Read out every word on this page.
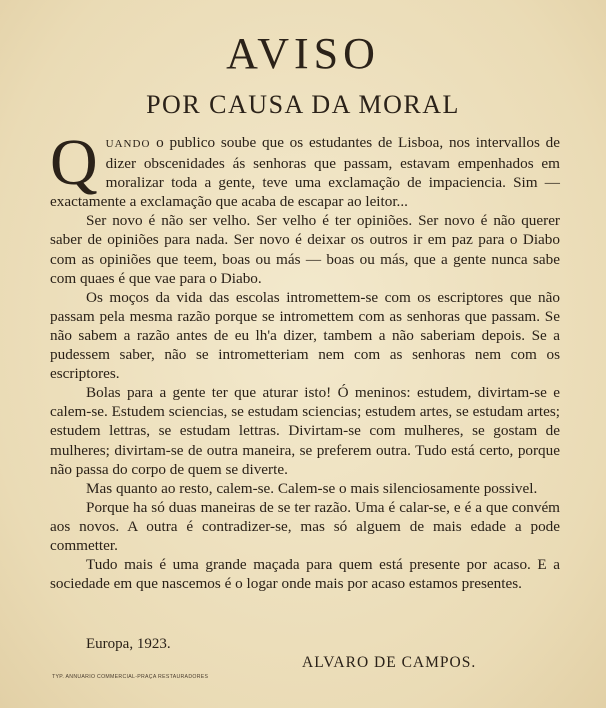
AVISO
POR CAUSA DA MORAL

QUANDO o publico soube que os estudantes de Lisboa, nos intervallos de dizer obscenidades ás senhoras que passam, estavam empenhados em moralizar toda a gente, teve uma exclamação de impaciencia. Sim — exactamente a exclamação que acaba de escapar ao leitor...

Ser novo é não ser velho. Ser velho é ter opiniões. Ser novo é não querer saber de opiniões para nada. Ser novo é deixar os outros ir em paz para o Diabo com as opiniões que teem, boas ou más — boas ou más, que a gente nunca sabe com quaes é que vae para o Diabo.

Os moços da vida das escolas intromettem-se com os escriptores que não passam pela mesma razão porque se intromettem com as senhoras que passam. Se não sabem a razão antes de eu lh'a dizer, tambem a não saberiam depois. Se a pudessem saber, não se intrometteriam nem com as senhoras nem com os escriptores.

Bolas para a gente ter que aturar isto! Ó meninos: estudem, divirtam-se e calem-se. Estudem sciencias, se estudam sciencias; estudem artes, se estudam artes; estudem lettras, se estudam lettras. Divirtam-se com mulheres, se gostam de mulheres; divirtam-se de outra maneira, se preferem outra. Tudo está certo, porque não passa do corpo de quem se diverte.

Mas quanto ao resto, calem-se. Calem-se o mais silenciosamente possivel.

Porque ha só duas maneiras de se ter razão. Uma é calar-se, e é a que convém aos novos. A outra é contradizer-se, mas só alguem de mais edade a pode commetter.

Tudo mais é uma grande maçada para quem está presente por acaso. E a sociedade em que nascemos é o logar onde mais por acaso estamos presentes.

Europa, 1923.
ALVARO DE CAMPOS.
TYP. ANNUARIO COMMERCIAL-PRAÇA RESTAURADORES
